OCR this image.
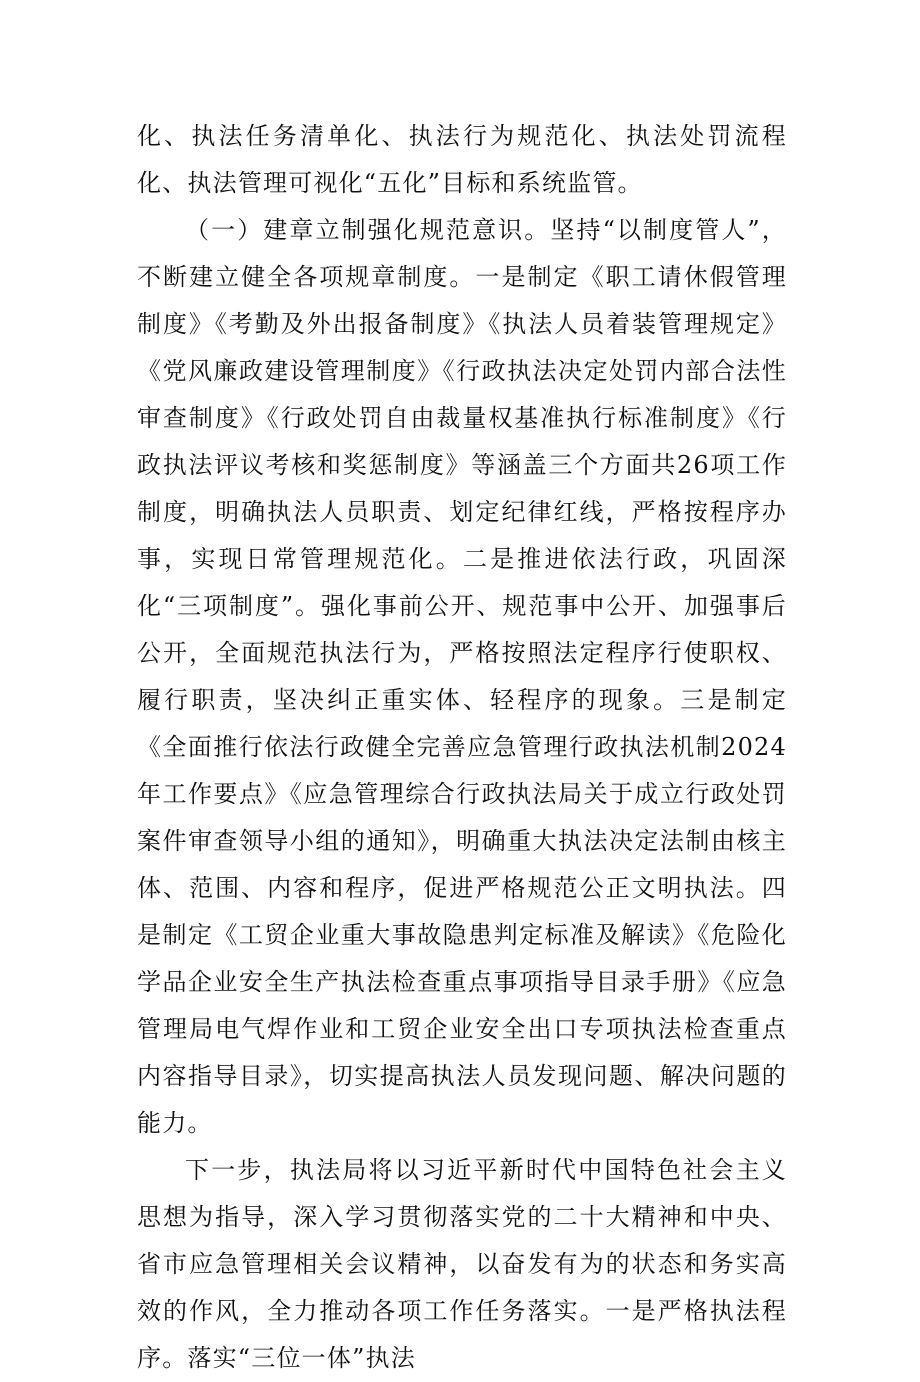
化、执法任务清单化、执法行为规范化、执法处罚流程化、执法管理可视化“五化”目标和系统监管。

（一）建章立制强化规范意识。坚持“以制度管人”，不断建立健全各项规章制度。一是制定《职工请休假管理制度》《考勤及外出报备制度》《执法人员着装管理规定》《党风廉政建设管理制度》《行政执法决定处罚内部合法性审查制度》《行政处罚自由裁量权基准执行标准制度》《行政执法评议考核和奖惩制度》等涵盖三个方面共26项工作制度，明确执法人员职责、划定纪律红线，严格按程序办事，实现日常管理规范化。二是推进依法行政，巩固深化“三项制度”。强化事前公开、规范事中公开、加强事后公开，全面规范执法行为，严格按照法定程序行使职权、履行职责，坚决纠正重实体、轻程序的现象。三是制定《全面推行依法行政健全完善应急管理行政执法机制2024年工作要点》《应急管理综合行政执法局关于成立行政处罚案件审查领导小组的通知》，明确重大执法决定法制由核主体、范围、内容和程序，促进严格规范公正文明执法。四是制定《工贸企业重大事故隐患判定标准及解读》《危险化学品企业安全生产执法检查重点事项指导目录手册》《应急管理局电气焊作业和工贸企业安全出口专项执法检查重点内容指导目录》，切实提高执法人员发现问题、解决问题的能力。

下一步，执法局将以习近平新时代中国特色社会主义思想为指导，深入学习贯彻落实党的二十大精神和中央、省市应急管理相关会议精神，以奋发有为的状态和务实高效的作风，全力推动各项工作任务落实。一是严格执法程序。落实“三位一体”执法
